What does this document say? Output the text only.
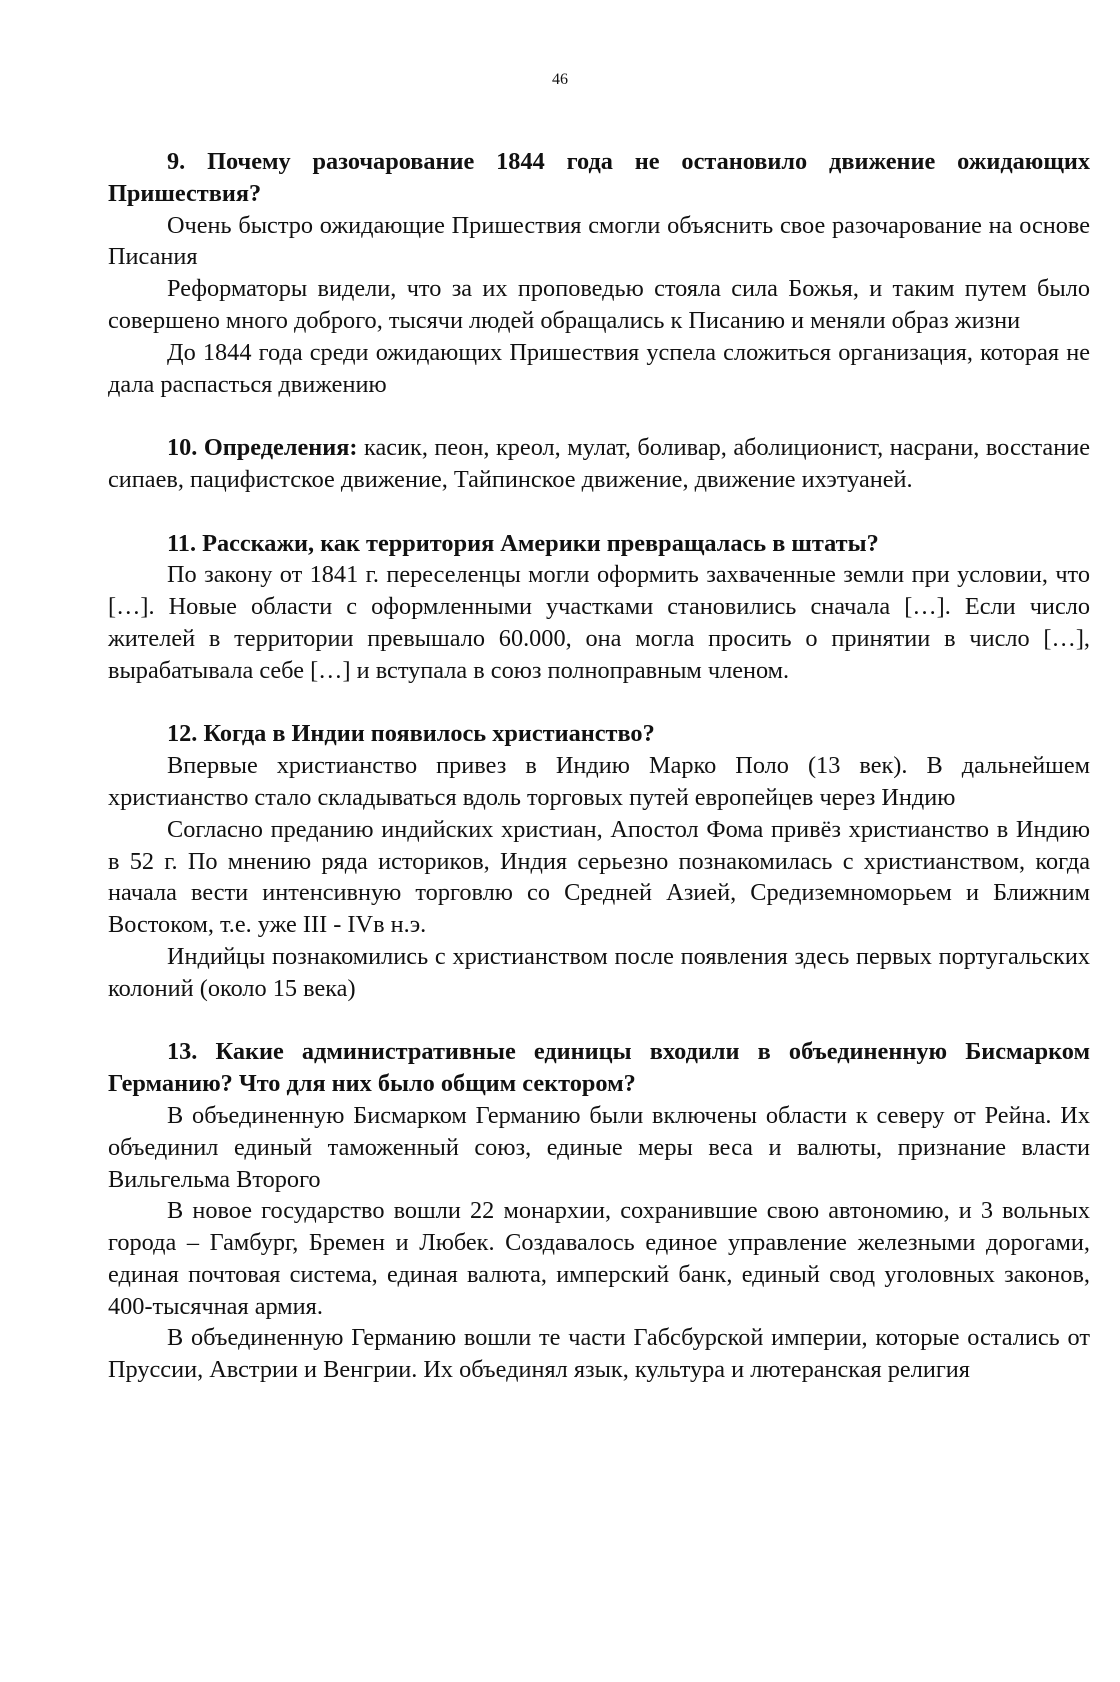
46

9. Почему разочарование 1844 года не остановило движение ожидающих Пришествия?

Очень быстро ожидающие Пришествия смогли объяснить свое разочарование на основе Писания

Реформаторы видели, что за их проповедью стояла сила Божья, и таким путем было совершено много доброго, тысячи людей обращались к Писанию и меняли образ жизни

До 1844 года среди ожидающих Пришествия успела сложиться организация, которая не дала распасться движению

10. Определения: касик, пеон, креол, мулат, боливар, аболиционист, насрани, восстание сипаев, пацифистское движение, Тайпинское движение, движение ихэтуаней.

11. Расскажи, как территория Америки превращалась в штаты?

По закону от 1841 г. переселенцы могли оформить захваченные земли при условии, что […]. Новые области с оформленными участками становились сначала […]. Если число жителей в территории превышало 60.000, она могла просить о принятии в число […], вырабатывала себе […] и вступала в союз полноправным членом.

12. Когда в Индии появилось христианство?

Впервые христианство привез в Индию Марко Поло (13 век). В дальнейшем христианство стало складываться вдоль торговых путей европейцев через Индию

Согласно преданию индийских христиан, Апостол Фома привёз христианство в Индию в 52 г. По мнению ряда историков, Индия серьезно познакомилась с христианством, когда начала вести интенсивную торговлю со Средней Азией, Средиземноморьем и Ближним Востоком, т.е. уже III - IVв н.э.

Индийцы познакомились с христианством после появления здесь первых португальских колоний (около 15 века)

13. Какие административные единицы входили в объединенную Бисмарком Германию? Что для них было общим сектором?

В объединенную Бисмарком Германию были включены области к северу от Рейна. Их объединил единый таможенный союз, единые меры веса и валюты, признание власти Вильгельма Второго

В новое государство вошли 22 монархии, сохранившие свою автономию, и 3 вольных города – Гамбург, Бремен и Любек. Создавалось единое управление железными дорогами, единая почтовая система, единая валюта, имперский банк, единый свод уголовных законов, 400-тысячная армия.

В объединенную Германию вошли те части Габсбурской империи, которые остались от Пруссии, Австрии и Венгрии. Их объединял язык, культура и лютеранская религия
